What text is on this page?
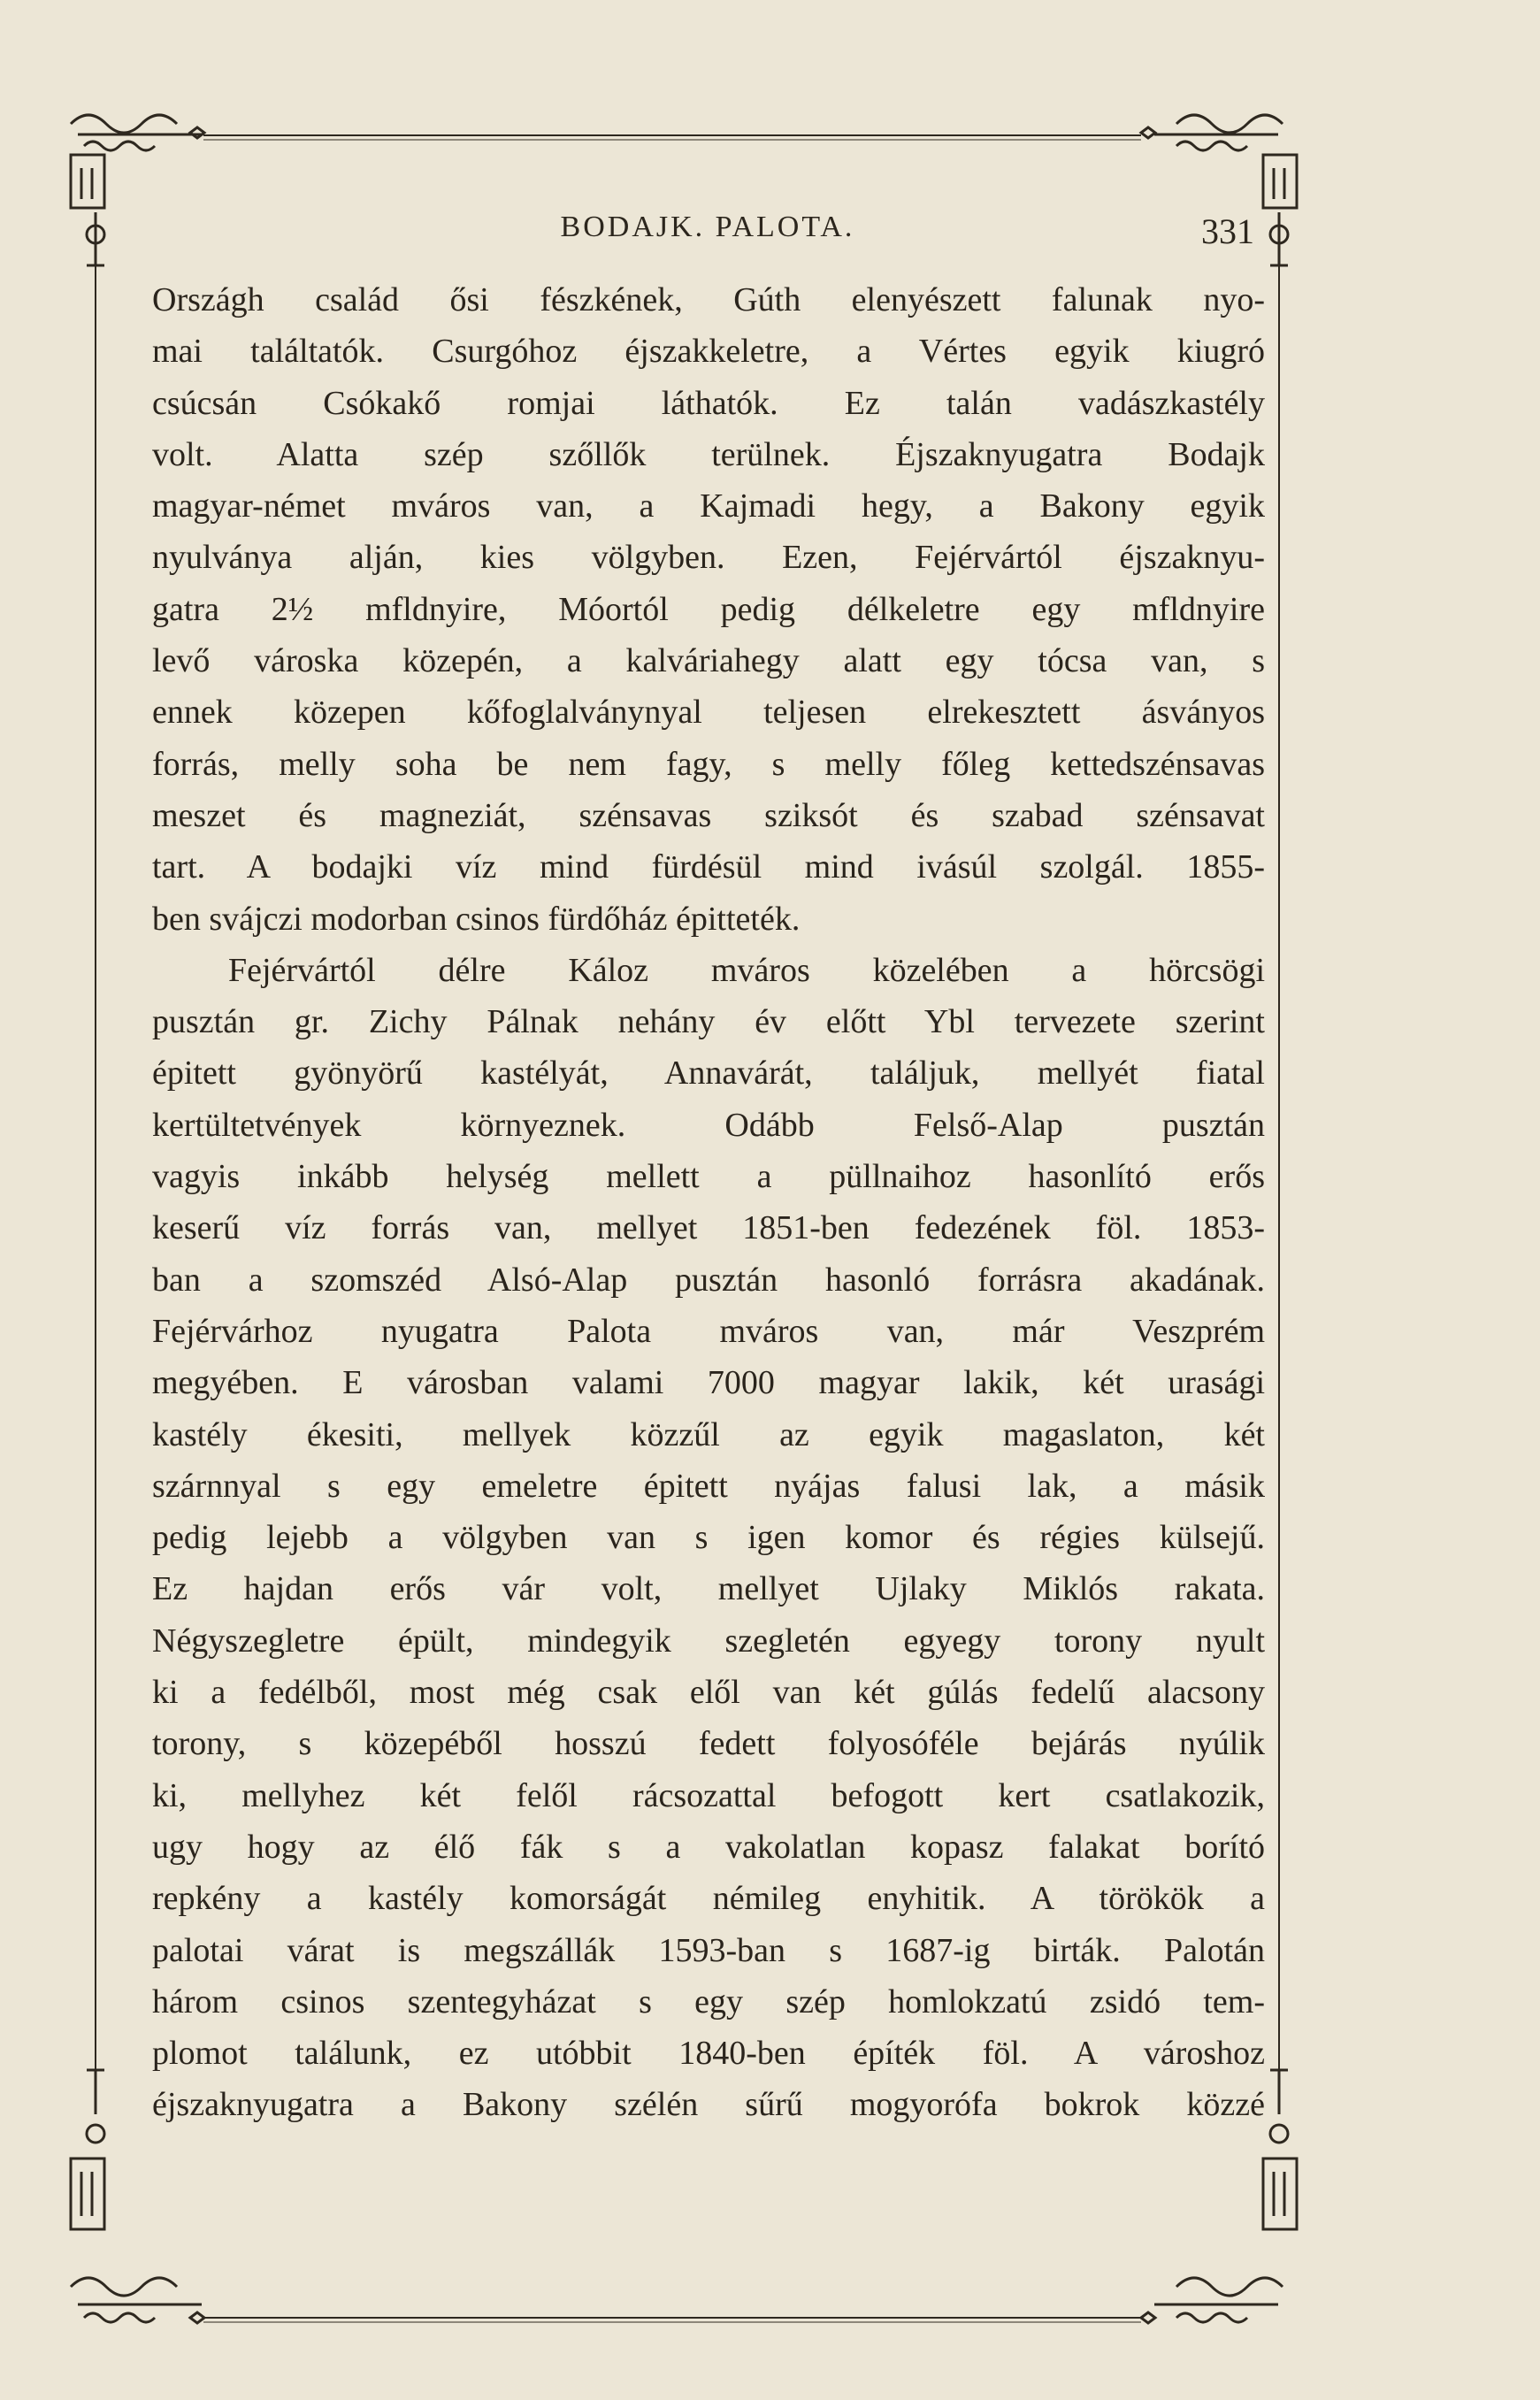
BODAJK. PALOTA.	331
Országh család ősi fészkének, Gúth elenyészett falunak nyo-
mai találtatók. Csurgóhoz éjszakkeletre, a Vértes egyik kiugró
csúcsán Csókakő romjai láthatók. Ez talán vadászkastély
volt. Alatta szép szőllők terülnek. Éjszaknyugatra Bodajk
magyar-német mváros van, a Kajmadi hegy, a Bakony egyik
nyulványa alján, kies völgyben. Ezen, Fejérvártól éjszaknyu-
gatra 2½ mfldnyire, Móortól pedig délkeletre egy mfldnyire
levő városka közepén, a kalváriahegy alatt egy tócsa van, s
ennek közepen kőfoglalványnyal teljesen elrekesztett ásványos
forrás, melly soha be nem fagy, s melly főleg kettedszénsavas
meszet és magneziát, szénsavas sziksót és szabad szénsavat
tart. A bodajki víz mind fürdésül mind ivásúl szolgál. 1855-
ben svájczi modorban csinos fürdőház épitteték.
Fejérvártól délre Káloz mváros közelében a hörcsögi
pusztán gr. Zichy Pálnak nehány év előtt Ybl tervezete szerint
épitett gyönyörű kastélyát, Annavárát, találjuk, mellyét fiatal
kertültetvények környeznek. Odább Felső-Alap pusztán
vagyis inkább helység mellett a püllnaihoz hasonlító erős
keserű víz forrás van, mellyet 1851-ben fedezének föl. 1853-
ban a szomszéd Alsó-Alap pusztán hasonló forrásra akadának.
Fejérvárhoz nyugatra Palota mváros van, már Veszprém
megyében. E városban valami 7000 magyar lakik, két urasági
kastély ékesiti, mellyek közzűl az egyik magaslaton, két
szárnnyal s egy emeletre épitett nyájas falusi lak, a másik
pedig lejebb a völgyben van s igen komor és régies külsejű.
Ez hajdan erős vár volt, mellyet Ujlaky Miklós rakata.
Négyszegletre épült, mindegyik szegletén egyegy torony nyult
ki a fedélből, most még csak elől van két gúlás fedelű alacsony
torony, s közepéből hosszú fedett folyosóféle bejárás nyúlik
ki, mellyhez két felől rácsozattal befogott kert csatlakozik,
ugy hogy az élő fák s a vakolatlan kopasz falakat borító
repkény a kastély komorságát némileg enyhitik. A törökök a
palotai várat is megszállák 1593-ban s 1687-ig birták. Palotán
három csinos szentegyházat s egy szép homlokzatú zsidó tem-
plomot találunk, ez utóbbit 1840-ben építék föl. A városhoz
éjszaknyugatra a Bakony szélén sűrű mogyorófa bokrok közzé
